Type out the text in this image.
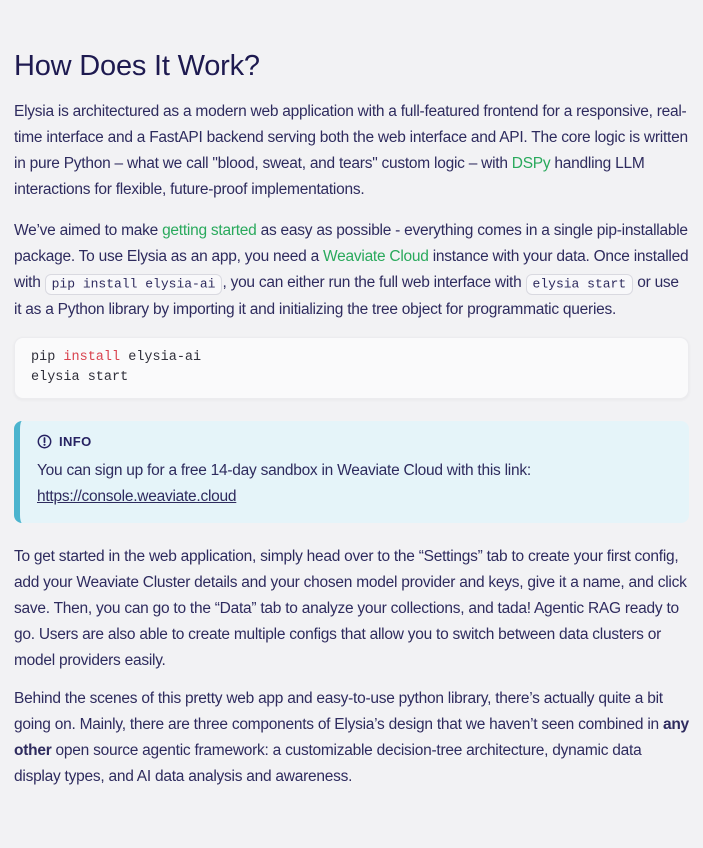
How Does It Work?

Elysia is architectured as a modern web application with a full-featured frontend for a responsive, real-time interface and a FastAPI backend serving both the web interface and API. The core logic is written in pure Python – what we call "blood, sweat, and tears" custom logic – with DSPy handling LLM interactions for flexible, future-proof implementations.

We’ve aimed to make getting started as easy as possible - everything comes in a single pip-installable package. To use Elysia as an app, you need a Weaviate Cloud instance with your data. Once installed with pip install elysia-ai , you can either run the full web interface with elysia start or use it as a Python library by importing it and initializing the tree object for programmatic queries.

pip install elysia-ai
elysia start
INFO

You can sign up for a free 14-day sandbox in Weaviate Cloud with this link: https://console.weaviate.cloud

To get started in the web application, simply head over to the “Settings” tab to create your first config, add your Weaviate Cluster details and your chosen model provider and keys, give it a name, and click save. Then, you can go to the “Data” tab to analyze your collections, and tada! Agentic RAG ready to go. Users are also able to create multiple configs that allow you to switch between data clusters or model providers easily.

Behind the scenes of this pretty web app and easy-to-use python library, there’s actually quite a bit going on. Mainly, there are three components of Elysia’s design that we haven’t seen combined in any other open source agentic framework: a customizable decision-tree architecture, dynamic data display types, and AI data analysis and awareness.
